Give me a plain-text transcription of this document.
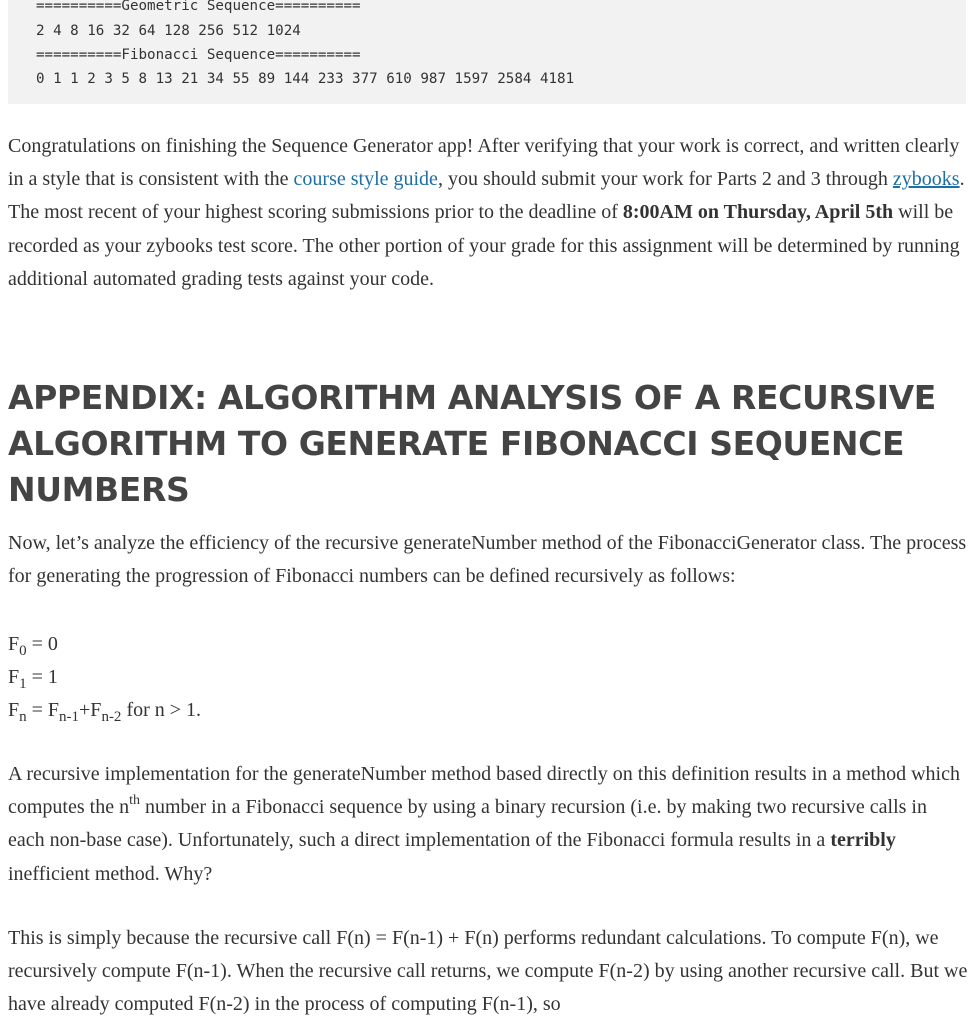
==========Geometric Sequence==========
2 4 8 16 32 64 128 256 512 1024
==========Fibonacci Sequence==========
0 1 1 2 3 5 8 13 21 34 55 89 144 233 377 610 987 1597 2584 4181
Congratulations on finishing the Sequence Generator app! After verifying that your work is correct, and written clearly in a style that is consistent with the course style guide, you should submit your work for Parts 2 and 3 through zybooks. The most recent of your highest scoring submissions prior to the deadline of 8:00AM on Thursday, April 5th will be recorded as your zybooks test score. The other portion of your grade for this assignment will be determined by running additional automated grading tests against your code.
APPENDIX: ALGORITHM ANALYSIS OF A RECURSIVE ALGORITHM TO GENERATE FIBONACCI SEQUENCE NUMBERS
Now, let’s analyze the efficiency of the recursive generateNumber method of the FibonacciGenerator class. The process for generating the progression of Fibonacci numbers can be defined recursively as follows:
$F_0 = 0$
$F_1 = 1$
$F_n = F_{n-1}+F_{n-2}$ for n > 1.
A recursive implementation for the generateNumber method based directly on this definition results in a method which computes the $n^{th}$ number in a Fibonacci sequence by using a binary recursion (i.e. by making two recursive calls in each non-base case). Unfortunately, such a direct implementation of the Fibonacci formula results in a terribly inefficient method. Why?
This is simply because the recursive call F(n) = F(n-1) + F(n) performs redundant calculations. To compute F(n), we recursively compute F(n-1). When the recursive call returns, we compute F(n-2) by using another recursive call. But we have already computed F(n-2) in the process of computing F(n-1), so
